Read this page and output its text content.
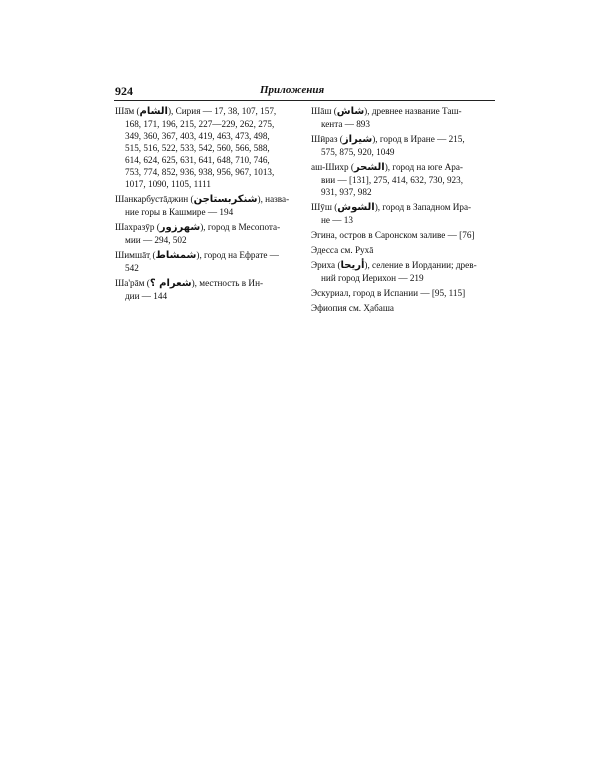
924	Приложения
Шā̄м (الشام), Сирия — 17, 38, 107, 157,
168, 171, 196, 215, 227—229, 262, 275,
349, 360, 367, 403, 419, 463, 473, 498,
515, 516, 522, 533, 542, 560, 566, 588,
614, 624, 625, 631, 641, 648, 710, 746,
753, 774, 852, 936, 938, 956, 967, 1013,
1017, 1090, 1105, 1111
Шанкарбустāджин (شنكربستاجن), назва-
ние горы в Кашмире — 194
Шахразӯр (شهرزور), город в Месопота-
мии — 294, 502
Шимшāт̣ (شمشاط), город на Ефрате —
542
Ша'рāм (شعرام ؟), местность в Ин-
дии — 144
Шāш (شاش), древнее название Таш-
кента — 893
Шӣраз (شيراز), город в Иране — 215,
575, 875, 920, 1049
аш-Шихр (الشحر), город на юге Ара-
вии — [131], 275, 414, 632, 730, 923,
931, 937, 982
Шӯш (الشوش), город в Западном Ира-
не — 13
Эгина, остров в Саронском заливе — [76]
Эдесса см. Рухā
Эриха (أريحا), селение в Иордании; древ-
ний город Иерихон — 219
Эскуриал, город в Испании — [95, 115]
Эфиопия см. Х̣абаша
